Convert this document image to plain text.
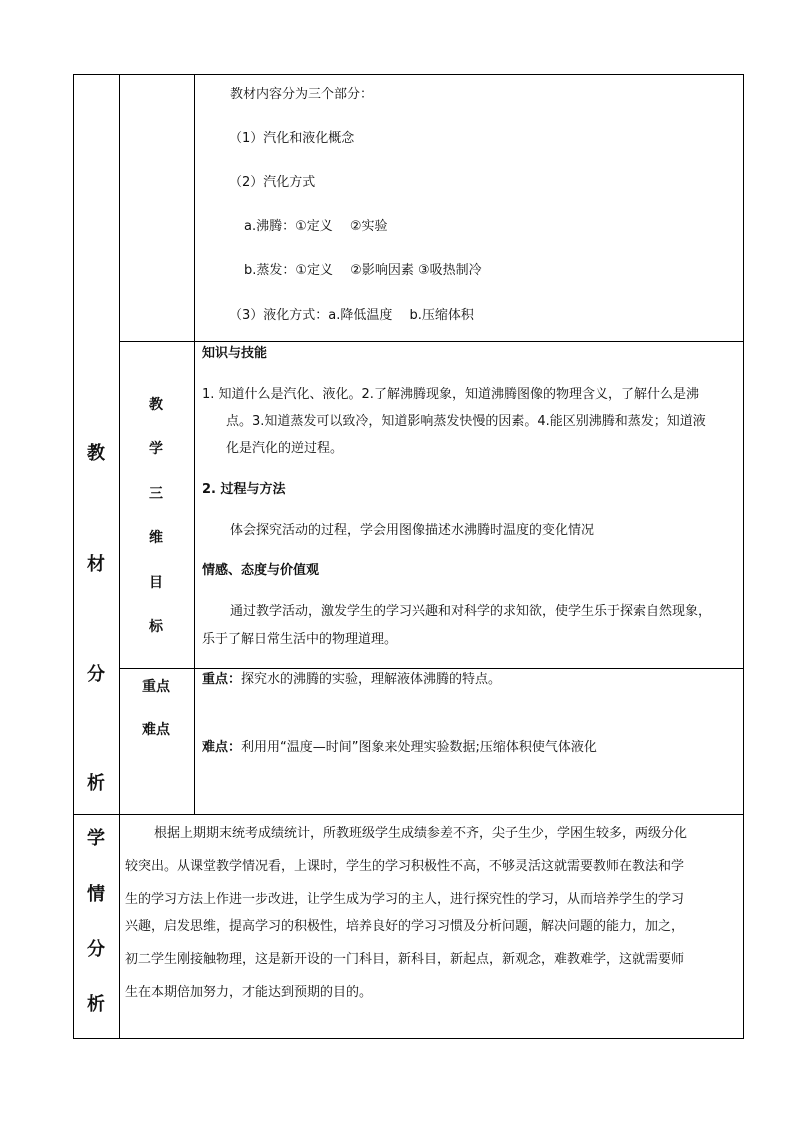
教
材
分
析
学
情
分
析
教
学
三
维
目
标
重点
难点
教材内容分为三个部分：
（1）汽化和液化概念
（2）汽化方式
a.沸腾：①定义　 ②实验
b.蒸发：①定义　 ②影响因素 ③吸热制冷
（3）液化方式：a.降低温度　 b.压缩体积
知识与技能
1. 知道什么是汽化、液化。2.了解沸腾现象，知道沸腾图像的物理含义，了解什么是沸
点。3.知道蒸发可以致冷，知道影响蒸发快慢的因素。4.能区别沸腾和蒸发；知道液
化是汽化的逆过程。
2. 过程与方法
体会探究活动的过程，学会用图像描述水沸腾时温度的变化情况
情感、态度与价值观
通过教学活动，激发学生的学习兴趣和对科学的求知欲，使学生乐于探索自然现象，
乐于了解日常生活中的物理道理。
重点：探究水的沸腾的实验，理解液体沸腾的特点。
难点：利用用“温度—时间”图象来处理实验数据;压缩体积使气体液化
根据上期期末统考成绩统计，所教班级学生成绩参差不齐，尖子生少，学困生较多，两级分化
较突出。从课堂教学情况看，上课时，学生的学习积极性不高，不够灵活这就需要教师在教法和学
生的学习方法上作进一步改进，让学生成为学习的主人，进行探究性的学习，从而培养学生的学习
兴趣，启发思维，提高学习的积极性，培养良好的学习习惯及分析问题，解决问题的能力，加之，
初二学生刚接触物理，这是新开设的一门科目，新科目，新起点，新观念，难教难学，这就需要师
生在本期倍加努力，才能达到预期的目的。
